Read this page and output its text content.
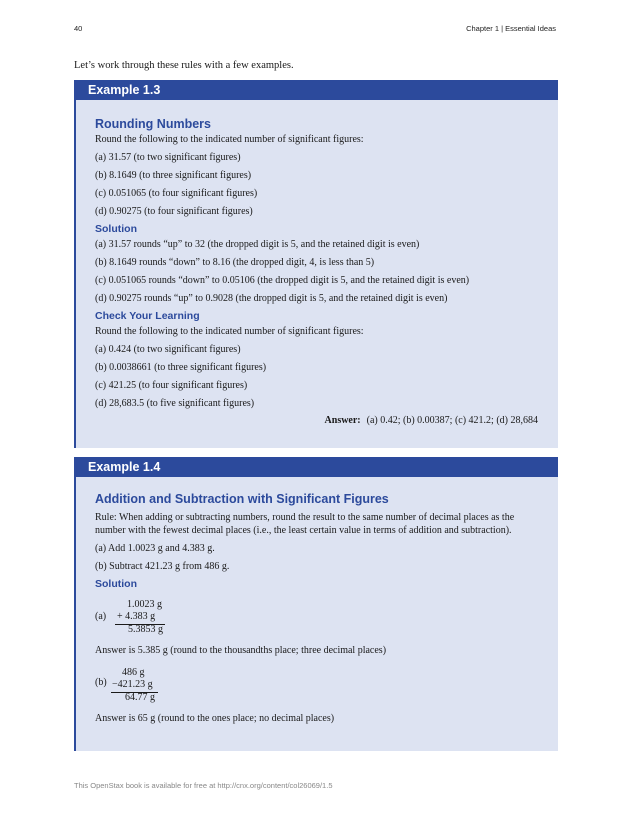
40	Chapter 1 | Essential Ideas
Let’s work through these rules with a few examples.
Example 1.3
Rounding Numbers
Round the following to the indicated number of significant figures:
(a) 31.57 (to two significant figures)
(b) 8.1649 (to three significant figures)
(c) 0.051065 (to four significant figures)
(d) 0.90275 (to four significant figures)
Solution
(a) 31.57 rounds “up” to 32 (the dropped digit is 5, and the retained digit is even)
(b) 8.1649 rounds “down” to 8.16 (the dropped digit, 4, is less than 5)
(c) 0.051065 rounds “down” to 0.05106 (the dropped digit is 5, and the retained digit is even)
(d) 0.90275 rounds “up” to 0.9028 (the dropped digit is 5, and the retained digit is even)
Check Your Learning
Round the following to the indicated number of significant figures:
(a) 0.424 (to two significant figures)
(b) 0.0038661 (to three significant figures)
(c) 421.25 (to four significant figures)
(d) 28,683.5 (to five significant figures)
Answer: (a) 0.42; (b) 0.00387; (c) 421.2; (d) 28,684
Example 1.4
Addition and Subtraction with Significant Figures
Rule: When adding or subtracting numbers, round the result to the same number of decimal places as the number with the fewest decimal places (i.e., the least certain value in terms of addition and subtraction).
(a) Add 1.0023 g and 4.383 g.
(b) Subtract 421.23 g from 486 g.
Solution
(a)
1.0023 g
+ 4.383 g
5.3853 g
Answer is 5.385 g (round to the thousandths place; three decimal places)
(b)
486 g
−421.23 g
64.77 g
Answer is 65 g (round to the ones place; no decimal places)
This OpenStax book is available for free at http://cnx.org/content/col26069/1.5
